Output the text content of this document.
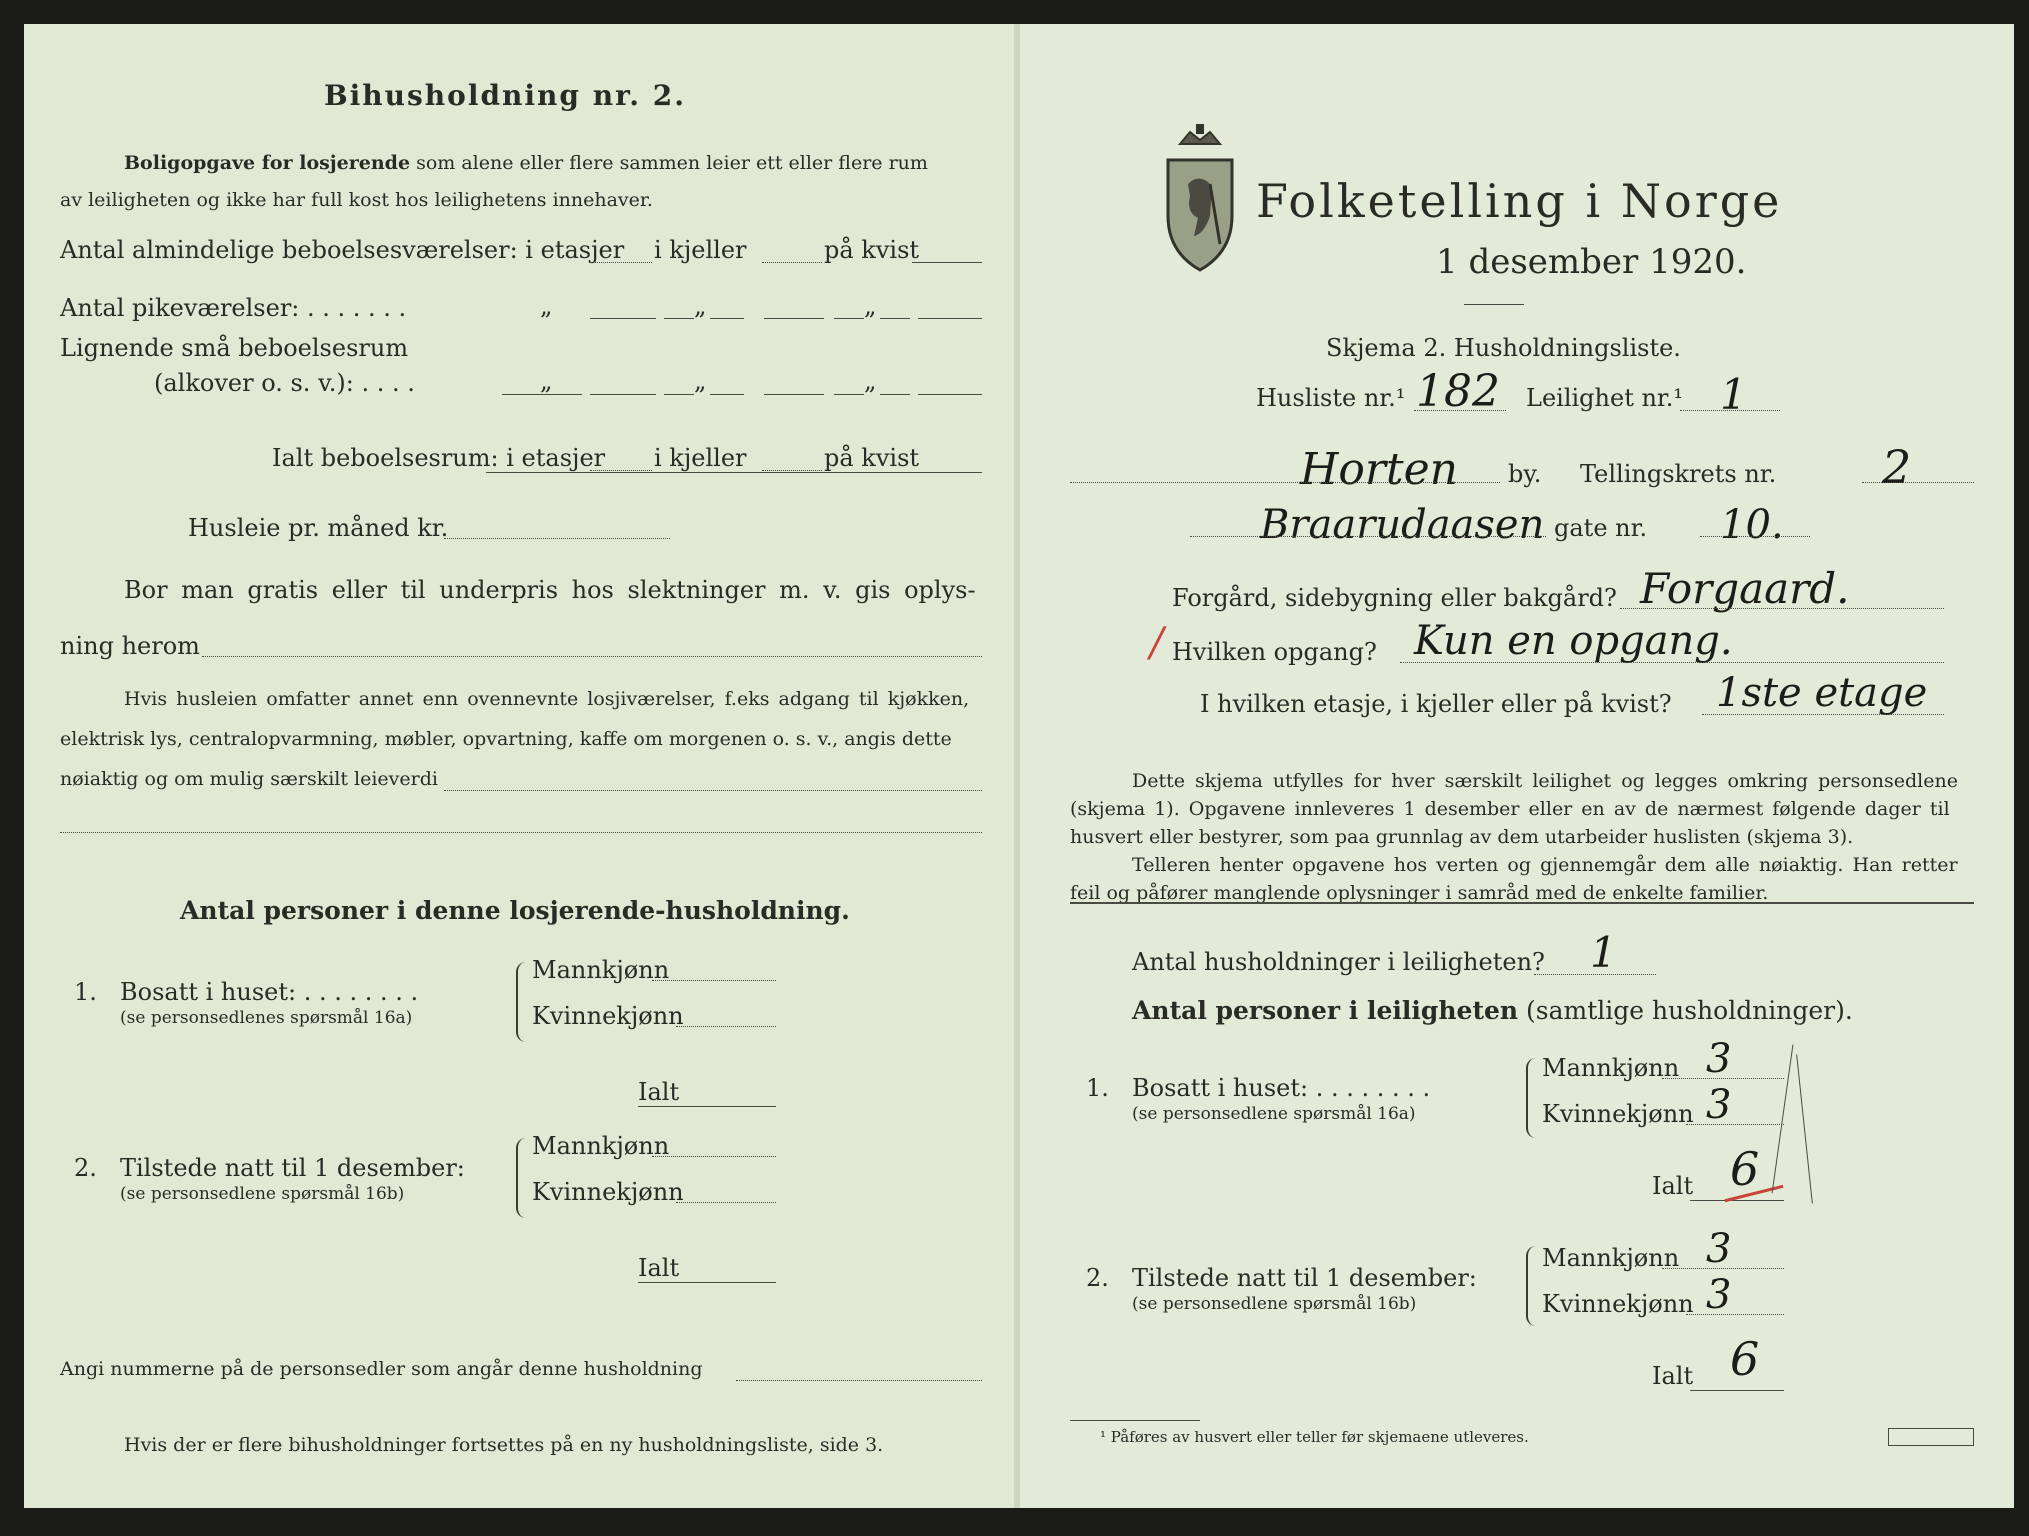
Bihusholdning nr. 2.
Boligopgave for losjerende som alene eller flere sammen leier ett eller flere rum
av leiligheten og ikke har full kost hos leilighetens innehaver.
Antal almindelige beboelsesværelser: i etasjer i kjeller	på kvist
Antal pikeværelser: . . . . . . .	„	„	„
Lignende små beboelsesrum
(alkover o. s. v.): . . . .	„	„	„
Ialt beboelsesrum: i etasjer i kjeller	på kvist
Husleie pr. måned kr.
Bor man gratis eller til underpris hos slektninger m. v. gis oplys-
ning herom
Hvis husleien omfatter annet enn ovennevnte losjiværelser, f.eks adgang til kjøkken,
elektrisk lys, centralopvarmning, møbler, opvartning, kaffe om morgenen o. s. v., angis dette
nøiaktig og om mulig særskilt leieverdi
Antal personer i denne losjerende-husholdning.
1. Bosatt i huset: . . . . . . . .
(se personsedlenes spørsmål 16a)
Mannkjønn
Kvinnekjønn
Ialt
2. Tilstede natt til 1 desember:
(se personsedlene spørsmål 16b)
Mannkjønn
Kvinnekjønn
Ialt
Angi nummerne på de personsedler som angår denne husholdning
Hvis der er flere bihusholdninger fortsettes på en ny husholdningsliste, side 3.
Folketelling i Norge
1 desember 1920.
Skjema 2. Husholdningsliste.
Husliste nr.¹ 182 Leilighet nr.¹ 1
Horten by. Tellingskrets nr. 2
Braarudaasen gate nr. 10.
Forgård, sidebygning eller bakgård? Forgaard.
/ Hvilken opgang? Kun en opgang.
I hvilken etasje, i kjeller eller på kvist? 1ste etage
Dette skjema utfylles for hver særskilt leilighet og legges omkring personsedlene
(skjema 1). Opgavene innleveres 1 desember eller en av de nærmest følgende dager til
husvert eller bestyrer, som paa grunnlag av dem utarbeider huslisten (skjema 3).
Telleren henter opgavene hos verten og gjennemgår dem alle nøiaktig. Han retter
feil og påfører manglende oplysninger i samråd med de enkelte familier.
Antal husholdninger i leiligheten? 1
Antal personer i leiligheten (samtlige husholdninger).
1. Bosatt i huset: . . . . . . . .
(se personsedlene spørsmål 16a)
Mannkjønn 3
Kvinnekjønn 3
Ialt 6
2. Tilstede natt til 1 desember:
(se personsedlene spørsmål 16b)
Mannkjønn 3
Kvinnekjønn 3
Ialt 6
¹ Påføres av husvert eller teller før skjemaene utleveres.
